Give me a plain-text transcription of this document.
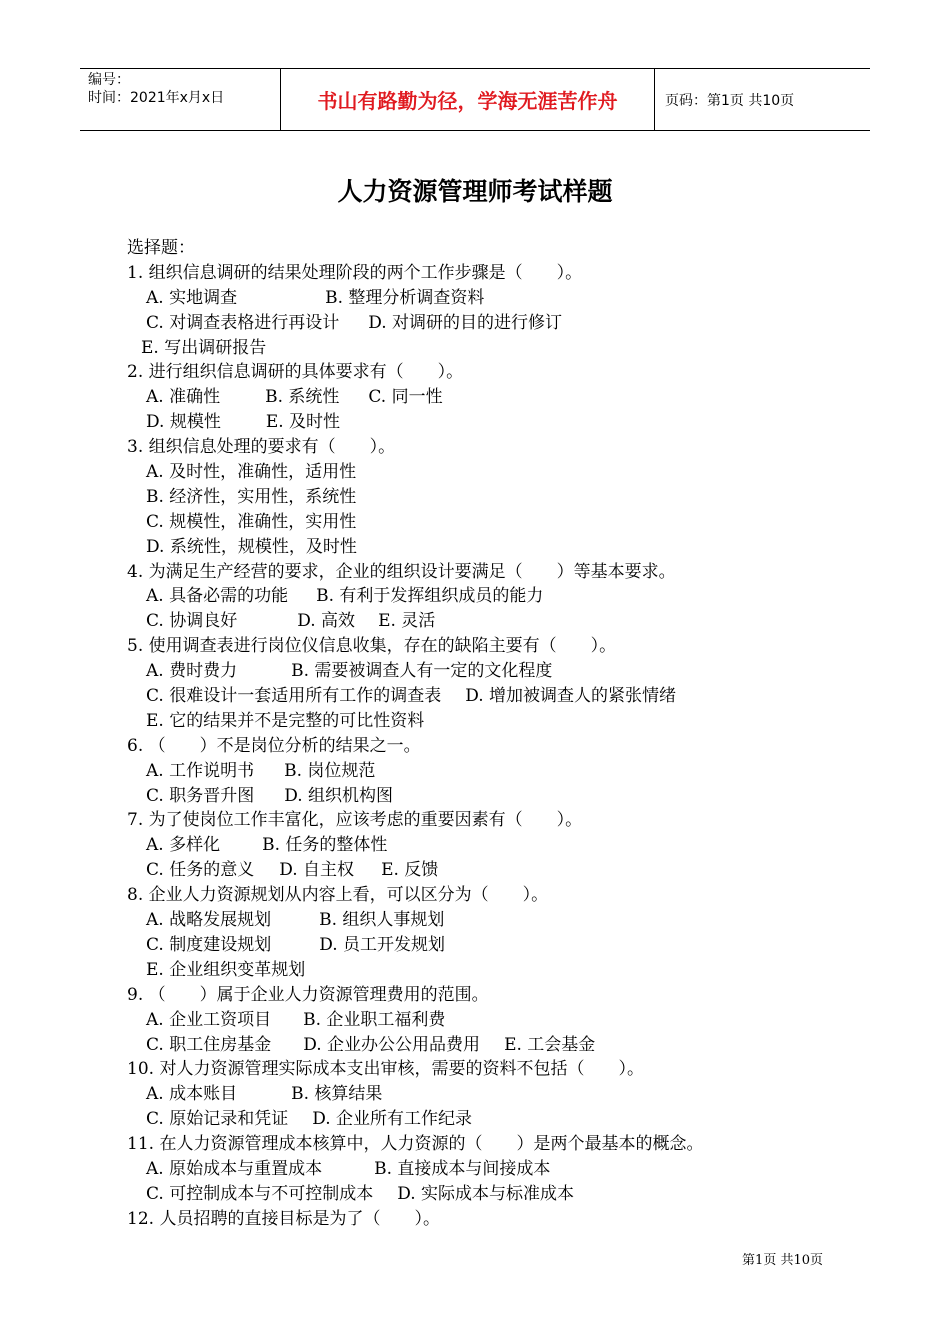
编号：
时间：2021年x月x日	书山有路勤为径，学海无涯苦作舟	页码：第1页 共10页
人力资源管理师考试样题
选择题：
1. 组织信息调研的结果处理阶段的两个工作步骤是（　　）。
A. 实地调查	B. 整理分析调查资料
C. 对调查表格进行再设计 D. 对调研的目的进行修订
E. 写出调研报告
2. 进行组织信息调研的具体要求有（　　）。
A. 准确性	B. 系统性 C. 同一性
D. 规模性	E. 及时性
3. 组织信息处理的要求有（　　）。
A. 及时性，准确性，适用性
B. 经济性，实用性，系统性
C. 规模性，准确性，实用性
D. 系统性，规模性，及时性
4. 为满足生产经营的要求，企业的组织设计要满足（　　）等基本要求。
A. 具备必需的功能 B. 有利于发挥组织成员的能力
C. 协调良好	D. 高效 E. 灵活
5. 使用调查表进行岗位仪信息收集，存在的缺陷主要有（　　）。
A. 费时费力	B. 需要被调查人有一定的文化程度
C. 很难设计一套适用所有工作的调查表 D. 增加被调查人的紧张情绪
E. 它的结果并不是完整的可比性资料
6. （　　）不是岗位分析的结果之一。
A. 工作说明书 B. 岗位规范
C. 职务晋升图 D. 组织机构图
7. 为了使岗位工作丰富化，应该考虑的重要因素有（　　）。
A. 多样化 B. 任务的整体性
C. 任务的意义 D. 自主权 E. 反馈
8. 企业人力资源规划从内容上看，可以区分为（　　）。
A. 战略发展规划	B. 组织人事规划
C. 制度建设规划	D. 员工开发规划
E. 企业组织变革规划
9. （　　）属于企业人力资源管理费用的范围。
A. 企业工资项目 B. 企业职工福利费
C. 职工住房基金 D. 企业办公公用品费用 E. 工会基金
10. 对人力资源管理实际成本支出审核，需要的资料不包括（　　）。
A. 成本账目	B. 核算结果
C. 原始记录和凭证 D. 企业所有工作纪录
11. 在人力资源管理成本核算中，人力资源的（　　）是两个最基本的概念。
A. 原始成本与重置成本	B. 直接成本与间接成本
C. 可控制成本与不可控制成本 D. 实际成本与标准成本
12. 人员招聘的直接目标是为了（　　）。
第1页 共10页
